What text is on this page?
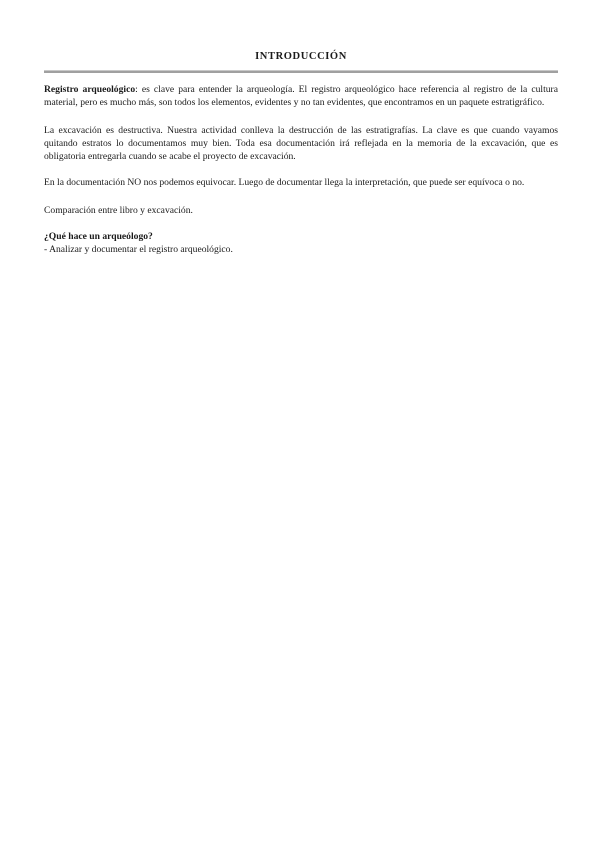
INTRODUCCIÓN

Registro arqueológico: es clave para entender la arqueología. El registro arqueológico hace referencia al registro de la cultura material, pero es mucho más, son todos los elementos, evidentes y no tan evidentes, que encontramos en un paquete estratigráfico.

La excavación es destructiva. Nuestra actividad conlleva la destrucción de las estratigrafías. La clave es que cuando vayamos quitando estratos lo documentamos muy bien. Toda esa documentación irá reflejada en la memoria de la excavación, que es obligatoria entregarla cuando se acabe el proyecto de excavación.

En la documentación NO nos podemos equivocar. Luego de documentar llega la interpretación, que puede ser equívoca o no.

Comparación entre libro y excavación.

¿Qué hace un arqueólogo?

- Analizar y documentar el registro arqueológico.
